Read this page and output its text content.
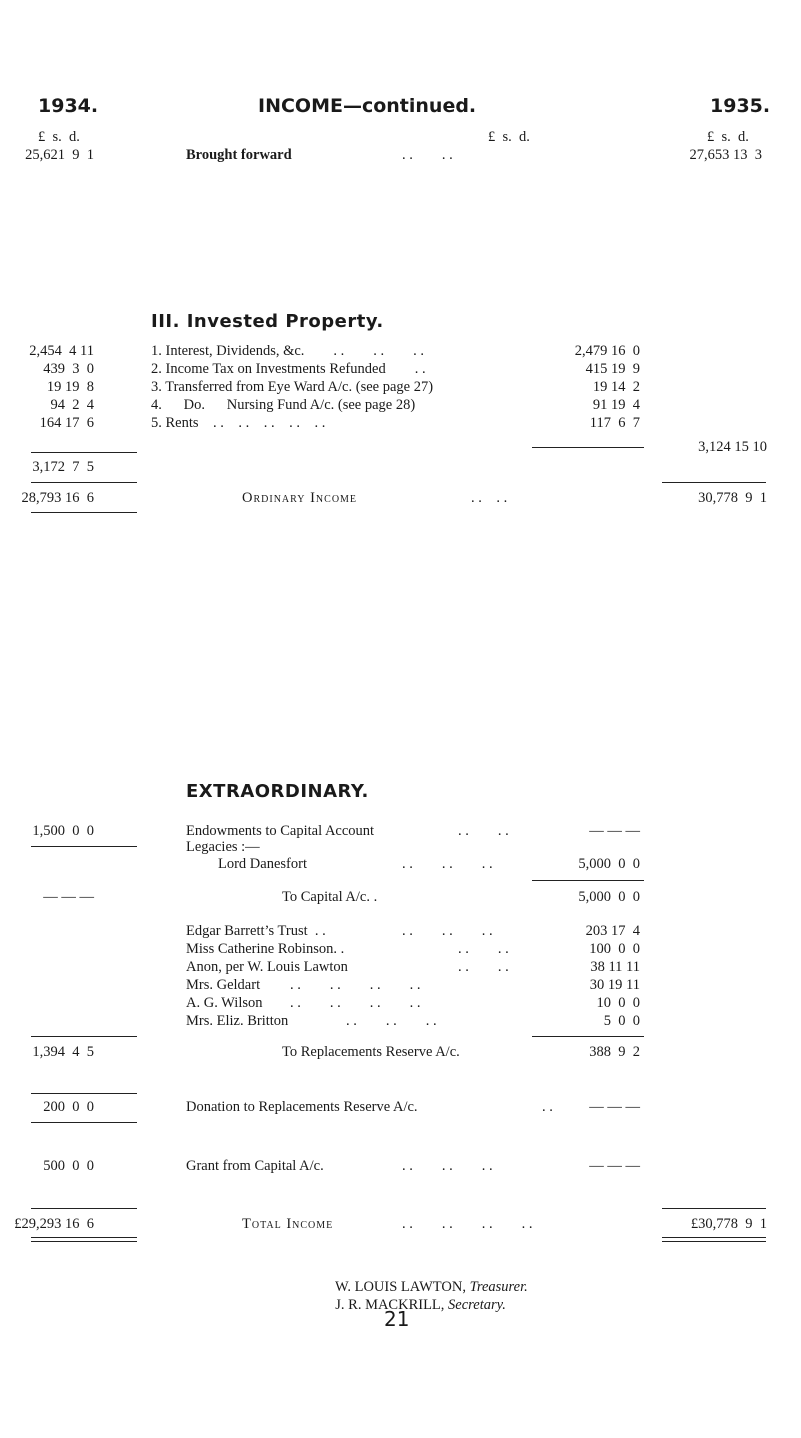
1934.	INCOME—continued.	1935.
£  s.  d.	£  s.  d.	£  s.  d.
25,621  9  1	Brought forward	. .        . .	27,653 13  3
III. Invested Property.
2,454  4 11	1. Interest, Dividends, &c.        . .        . .        . .	2,479 16  0
439  3  0	2. Income Tax on Investments Refunded        . .	415 19  9
19 19  8	3. Transferred from Eye Ward A/c. (see page 27)	19 14  2
94  2  4	4.      Do.      Nursing Fund A/c. (see page 28)	91 19  4
164 17  6	5. Rents    . .    . .    . .    . .    . .	117  6  7
3,172  7  5
3,124 15 10
28,793 16  6	Ordinary Income	. .    . .	30,778  9  1
EXTRAORDINARY.
1,500  0  0	Endowments to Capital Account	. .        . .	— — —
Legacies :—
Lord Danesfort	. .        . .        . .	5,000  0  0
— — —	To Capital A/c. .	5,000  0  0
Edgar Barrett’s Trust  . .	. .        . .        . .	203 17  4
Miss Catherine Robinson. .	. .        . .	100  0  0
Anon, per W. Louis Lawton	. .        . .	38 11 11
Mrs. Geldart . .        . .        . .        . .	30 19 11
A. G. Wilson . .        . .        . .        . .	10  0  0
Mrs. Eliz. Britton	. .        . .        . .	5  0  0
1,394  4  5	To Replacements Reserve A/c.	388  9  2
200  0  0	Donation to Replacements Reserve A/c.	. .	— — —
500  0  0	Grant from Capital A/c.	. .        . .        . .	— — —
£29,293 16  6	Total Income	. .        . .        . .        . .	£30,778  9  1

W. LOUIS LAWTON, Treasurer.

J. R. MACKRILL, Secretary.

21
